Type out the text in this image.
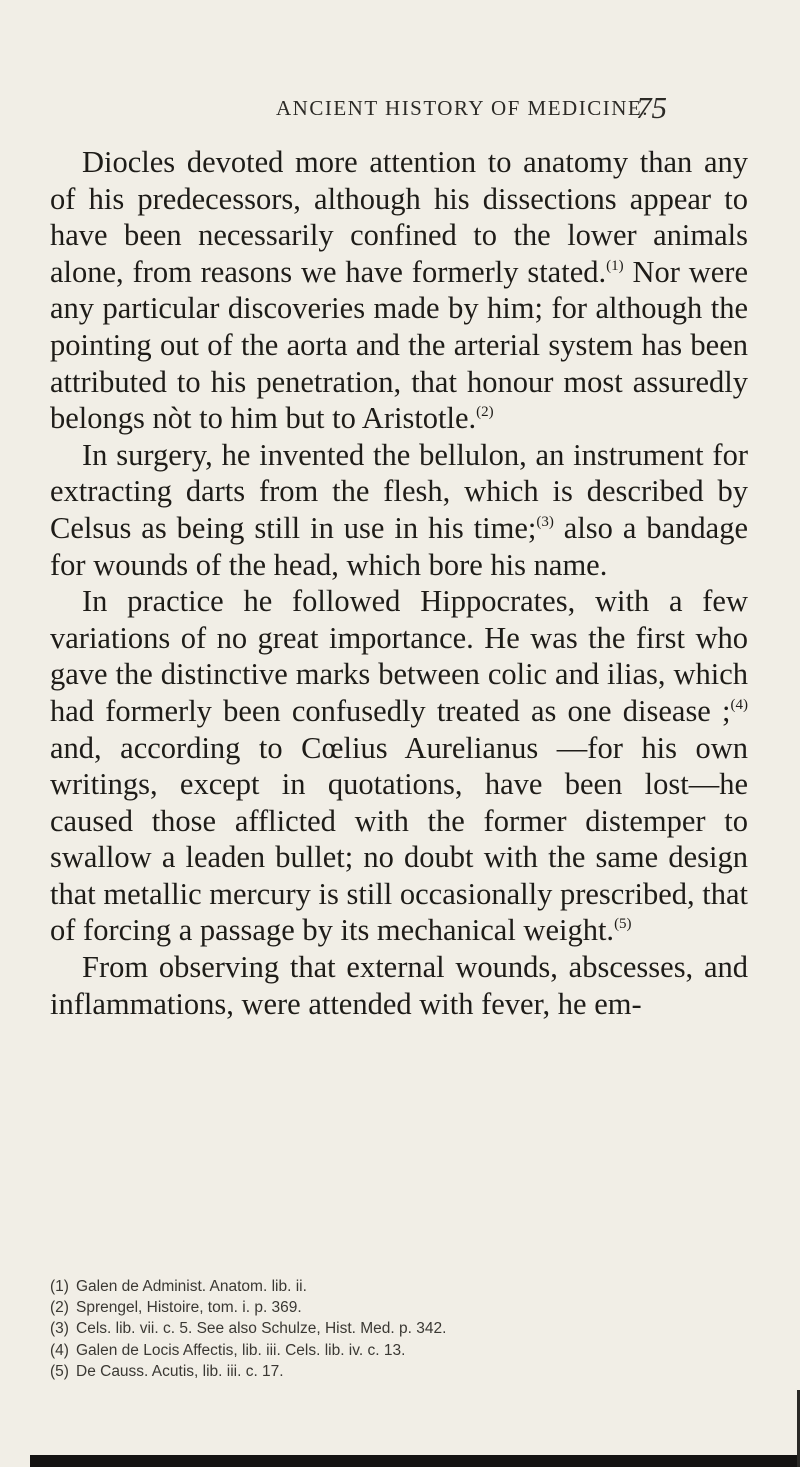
ANCIENT HISTORY OF MEDICINE.
75

Diocles devoted more attention to anatomy than any of his predecessors, although his dissections appear to have been necessarily confined to the lower animals alone, from reasons we have formerly stated.$^{(1)}$ Nor were any particular discoveries made by him; for although the pointing out of the aorta and the arterial system has been attributed to his penetration, that honour most assuredly belongs nòt to him but to Aristotle.$^{(2)}$

In surgery, he invented the bellulon, an instrument for extracting darts from the flesh, which is described by Celsus as being still in use in his time;$^{(3)}$ also a bandage for wounds of the head, which bore his name.

In practice he followed Hippocrates, with a few variations of no great importance. He was the first who gave the distinctive marks between colic and ilias, which had formerly been confusedly treated as one disease ;$^{(4)}$ and, according to Cœlius Aurelianus —for his own writings, except in quotations, have been lost—he caused those afflicted with the former distemper to swallow a leaden bullet; no doubt with the same design that metallic mercury is still occasionally prescribed, that of forcing a passage by its mechanical weight.$^{(5)}$

From observing that external wounds, abscesses, and inflammations, were attended with fever, he em-

(1) Galen de Administ. Anatom. lib. ii.
(2) Sprengel, Histoire, tom. i. p. 369.
(3) Cels. lib. vii. c. 5. See also Schulze, Hist. Med. p. 342.
(4) Galen de Locis Affectis, lib. iii. Cels. lib. iv. c. 13.
(5) De Causs. Acutis, lib. iii. c. 17.
